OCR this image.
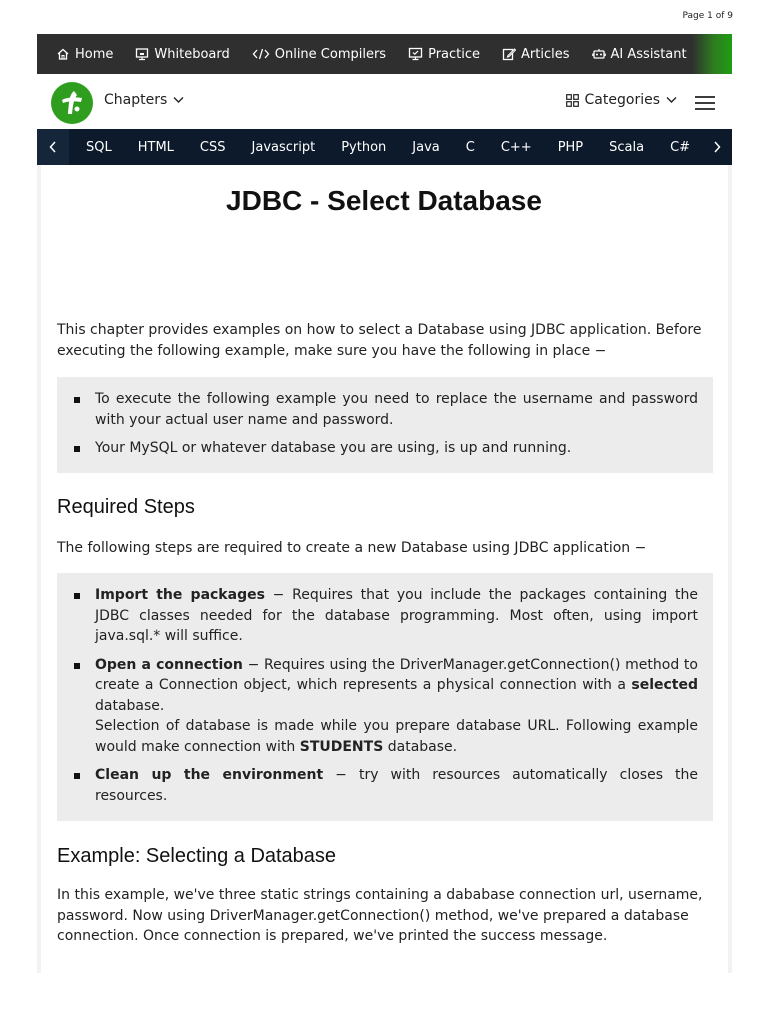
Page 1 of 9
Home	Whiteboard	Online Compilers	Practice	Articles	AI Assistant
Chapters	Categories
SQL	HTML	CSS	Javascript	Python	Java	C	C++	PHP	Scala	C#
JDBC - Select Database

This chapter provides examples on how to select a Database using JDBC application. Before executing the following example, make sure you have the following in place −

To execute the following example you need to replace the username and password with your actual user name and password.
Your MySQL or whatever database you are using, is up and running.
Required Steps

The following steps are required to create a new Database using JDBC application −

Import the packages − Requires that you include the packages containing the JDBC classes needed for the database programming. Most often, using import java.sql.* will suffice.
Open a connection − Requires using the DriverManager.getConnection() method to create a Connection object, which represents a physical connection with a selected database.
Selection of database is made while you prepare database URL. Following example would make connection with STUDENTS database.
Clean up the environment − try with resources automatically closes the resources.
Example: Selecting a Database

In this example, we've three static strings containing a dababase connection url, username, password. Now using DriverManager.getConnection() method, we've prepared a database connection. Once connection is prepared, we've printed the success message.
